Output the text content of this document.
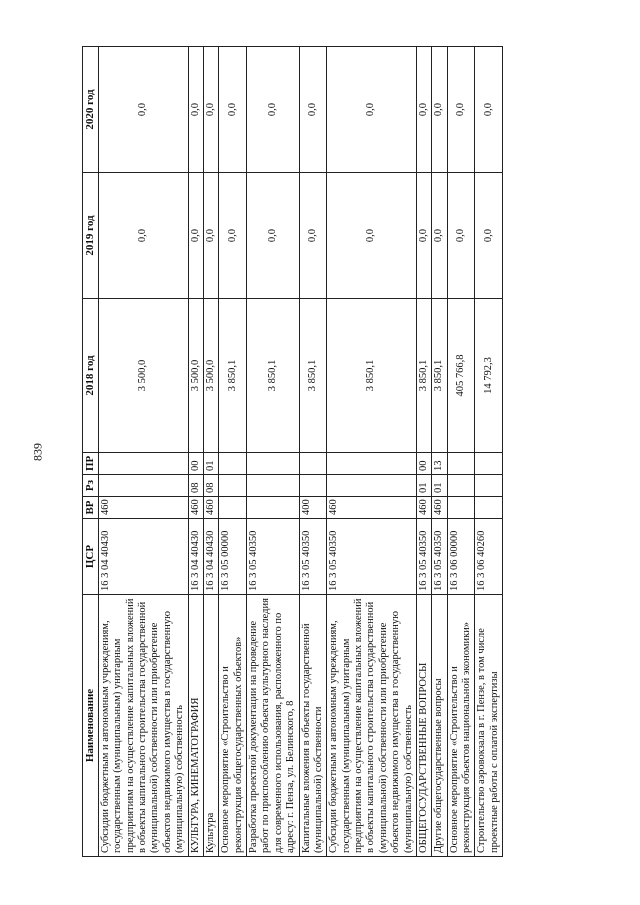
839
Наименование	ЦСР	ВР	Рз	ПР	2018 год	2019 год	2020 год
Субсидии бюджетным и автономным учреждениям, государственным (муниципальным) унитарным предприятиям на осуществление капитальных вложений в объекты капитального строительства государственной (муниципальной) собственности или приобретение объектов недвижимого имущества в государственную (муниципальную) собственность	16 3 04 40430	460			3 500,0	0,0	0,0
КУЛЬТУРА, КИНЕМАТОГРАФИЯ	16 3 04 40430	460	08	00	3 500,0	0,0	0,0
Культура	16 3 04 40430	460	08	01	3 500,0	0,0	0,0
Основное мероприятие «Строительство и реконструкция общегосударственных объектов»	16 3 05 00000				3 850,1	0,0	0,0
Разработка проектной документации на проведение работ по приспособлению объекта культурного наследия для современного использования, расположенного по адресу: г. Пенза, ул. Белинского, 8	16 3 05 40350				3 850,1	0,0	0,0
Капитальные вложения в объекты государственной (муниципальной) собственности	16 3 05 40350	400			3 850,1	0,0	0,0
Субсидии бюджетным и автономным учреждениям, государственным (муниципальным) унитарным предприятиям на осуществление капитальных вложений в объекты капитального строительства государственной (муниципальной) собственности или приобретение объектов недвижимого имущества в государственную (муниципальную) собственность	16 3 05 40350	460			3 850,1	0,0	0,0
ОБЩЕГОСУДАРСТВЕННЫЕ ВОПРОСЫ	16 3 05 40350	460	01	00	3 850,1	0,0	0,0
Другие общегосударственные вопросы	16 3 05 40350	460	01	13	3 850,1	0,0	0,0
Основное мероприятие «Строительство и реконструкция объектов национальной экономики»	16 3 06 00000				405 766,8	0,0	0,0
Строительство аэровокзала в г. Пензе, в том числе проектные работы с оплатой экспертизы	16 3 06 40260				14 792,3	0,0	0,0
